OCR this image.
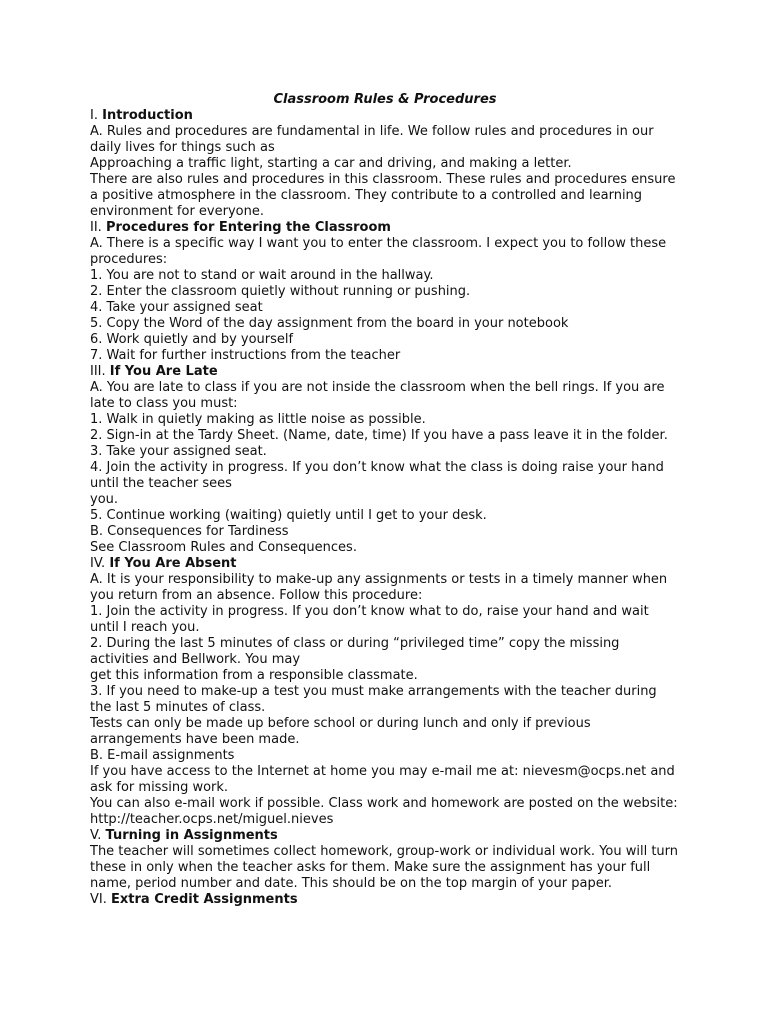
Classroom Rules & Procedures

I. Introduction

A. Rules and procedures are fundamental in life. We follow rules and procedures in our daily lives for things such as

Approaching a traffic light, starting a car and driving, and making a letter.

There are also rules and procedures in this classroom. These rules and procedures ensure a positive atmosphere in the classroom. They contribute to a controlled and learning environment for everyone.

II. Procedures for Entering the Classroom

A. There is a specific way I want you to enter the classroom. I expect you to follow these procedures:

1. You are not to stand or wait around in the hallway.

2. Enter the classroom quietly without running or pushing.

4. Take your assigned seat

5. Copy the Word of the day assignment from the board in your notebook

6. Work quietly and by yourself

7. Wait for further instructions from the teacher

III. If You Are Late

A. You are late to class if you are not inside the classroom when the bell rings. If you are late to class you must:

1. Walk in quietly making as little noise as possible.

2. Sign-in at the Tardy Sheet. (Name, date, time) If you have a pass leave it in the folder.

3. Take your assigned seat.

4. Join the activity in progress. If you don’t know what the class is doing raise your hand until the teacher sees

you.

5. Continue working (waiting) quietly until I get to your desk.

B. Consequences for Tardiness

See Classroom Rules and Consequences.

IV. If You Are Absent

A. It is your responsibility to make-up any assignments or tests in a timely manner when you return from an absence. Follow this procedure:

1. Join the activity in progress. If you don’t know what to do, raise your hand and wait until I reach you.

2. During the last 5 minutes of class or during “privileged time” copy the missing activities and Bellwork. You may

get this information from a responsible classmate.

3. If you need to make-up a test you must make arrangements with the teacher during the last 5 minutes of class.

Tests can only be made up before school or during lunch and only if previous arrangements have been made.

B. E-mail assignments

If you have access to the Internet at home you may e-mail me at: nievesm@ocps.net and ask for missing work.

You can also e-mail work if possible. Class work and homework are posted on the website:

http://teacher.ocps.net/miguel.nieves

V. Turning in Assignments

The teacher will sometimes collect homework, group-work or individual work. You will turn these in only when the teacher asks for them. Make sure the assignment has your full name, period number and date. This should be on the top margin of your paper.

VI. Extra Credit Assignments
